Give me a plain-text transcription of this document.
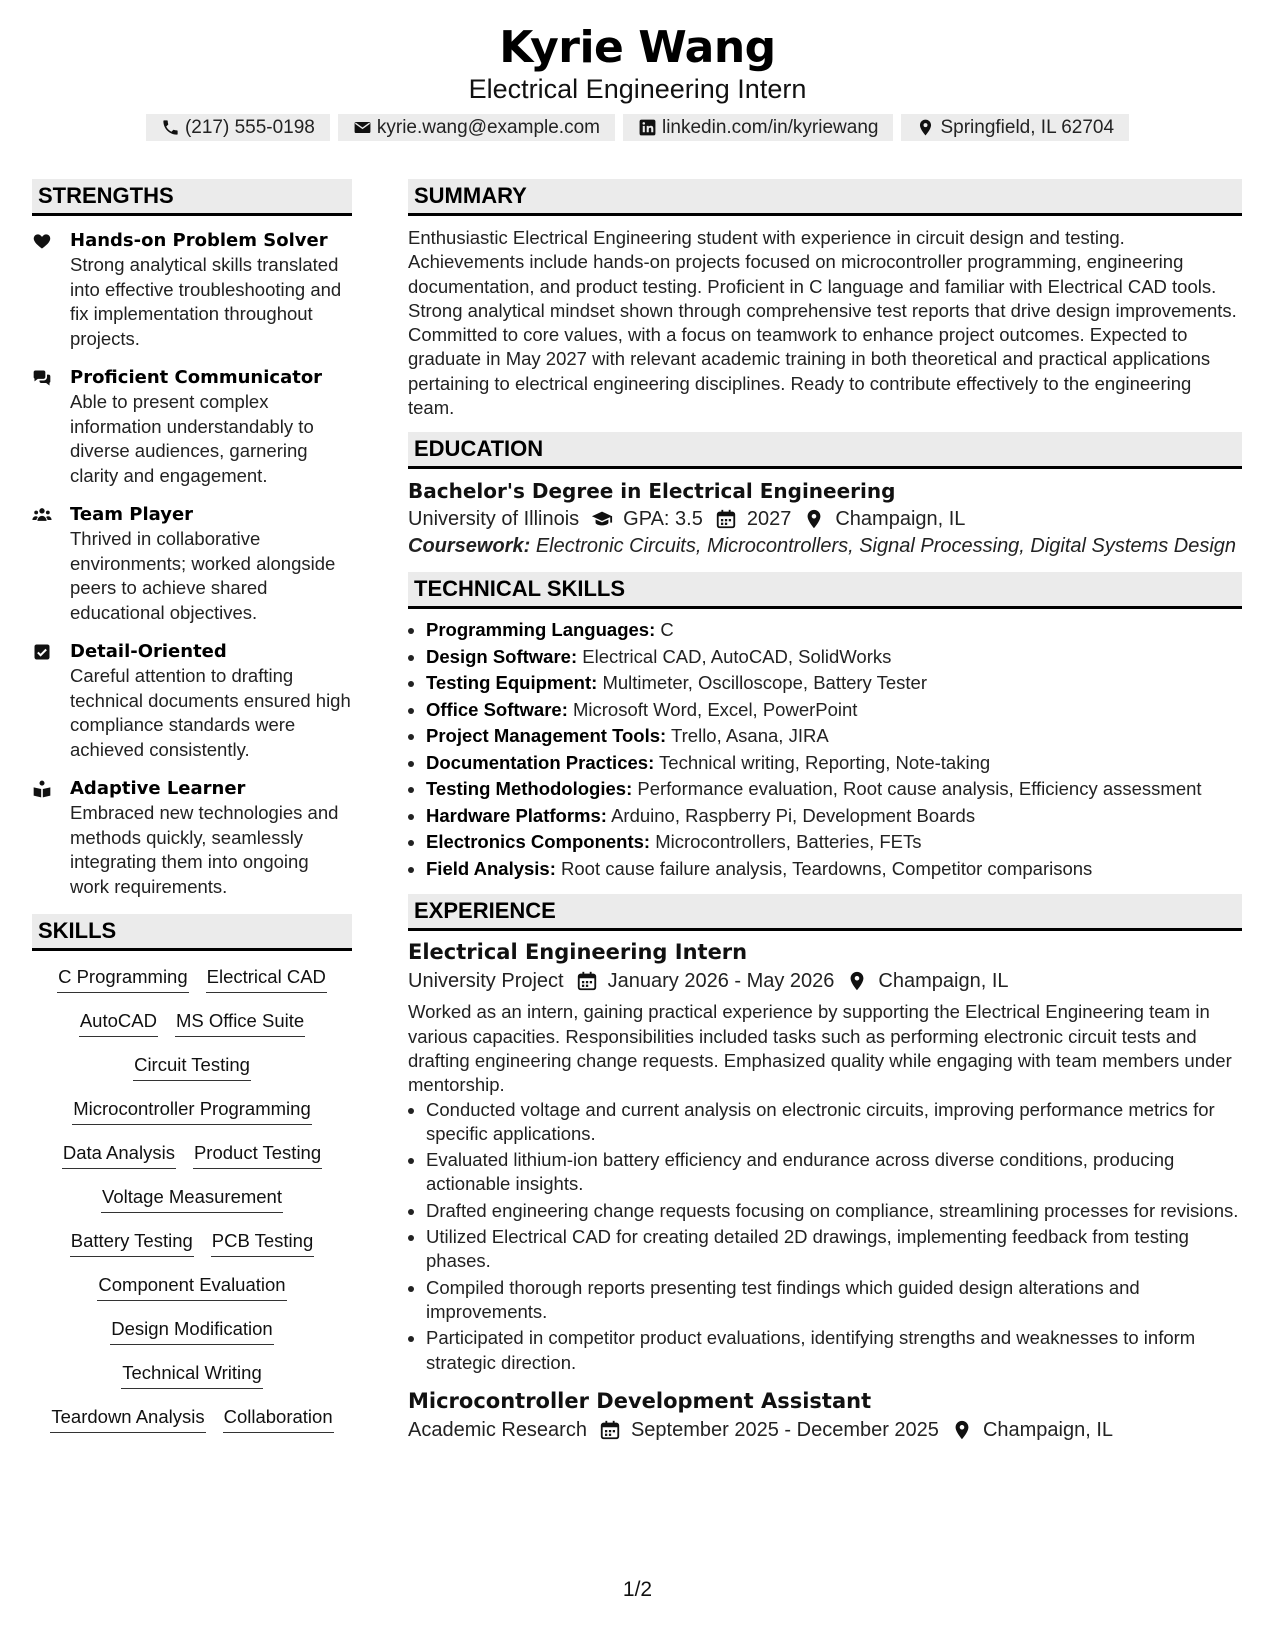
Kyrie Wang
Electrical Engineering Intern
(217) 555-0198	kyrie.wang@example.com	linkedin.com/in/kyriewang	Springfield, IL 62704
STRENGTHS
Hands-on Problem Solver
Strong analytical skills translated into effective troubleshooting and fix implementation throughout projects.
Proficient Communicator
Able to present complex information understandably to diverse audiences, garnering clarity and engagement.
Team Player
Thrived in collaborative environments; worked alongside peers to achieve shared educational objectives.
Detail-Oriented
Careful attention to drafting technical documents ensured high compliance standards were achieved consistently.
Adaptive Learner
Embraced new technologies and methods quickly, seamlessly integrating them into ongoing work requirements.
SKILLS
C Programming Electrical CAD
AutoCAD MS Office Suite
Circuit Testing
Microcontroller Programming
Data Analysis Product Testing
Voltage Measurement
Battery Testing PCB Testing
Component Evaluation
Design Modification
Technical Writing
Teardown Analysis Collaboration
SUMMARY
Enthusiastic Electrical Engineering student with experience in circuit design and testing. Achievements include hands-on projects focused on microcontroller programming, engineering documentation, and product testing. Proficient in C language and familiar with Electrical CAD tools. Strong analytical mindset shown through comprehensive test reports that drive design improvements. Committed to core values, with a focus on teamwork to enhance project outcomes. Expected to graduate in May 2027 with relevant academic training in both theoretical and practical applications pertaining to electrical engineering disciplines. Ready to contribute effectively to the engineering team.
EDUCATION
Bachelor's Degree in Electrical Engineering
University of Illinois GPA: 3.5 2027 Champaign, IL
Coursework: Electronic Circuits, Microcontrollers, Signal Processing, Digital Systems Design
TECHNICAL SKILLS
• Programming Languages: C
• Design Software: Electrical CAD, AutoCAD, SolidWorks
• Testing Equipment: Multimeter, Oscilloscope, Battery Tester
• Office Software: Microsoft Word, Excel, PowerPoint
• Project Management Tools: Trello, Asana, JIRA
• Documentation Practices: Technical writing, Reporting, Note-taking
• Testing Methodologies: Performance evaluation, Root cause analysis, Efficiency assessment
• Hardware Platforms: Arduino, Raspberry Pi, Development Boards
• Electronics Components: Microcontrollers, Batteries, FETs
• Field Analysis: Root cause failure analysis, Teardowns, Competitor comparisons
EXPERIENCE
Electrical Engineering Intern
University Project January 2026 - May 2026 Champaign, IL
Worked as an intern, gaining practical experience by supporting the Electrical Engineering team in various capacities. Responsibilities included tasks such as performing electronic circuit tests and drafting engineering change requests. Emphasized quality while engaging with team members under mentorship.
• Conducted voltage and current analysis on electronic circuits, improving performance metrics for specific applications.
• Evaluated lithium-ion battery efficiency and endurance across diverse conditions, producing actionable insights.
• Drafted engineering change requests focusing on compliance, streamlining processes for revisions.
• Utilized Electrical CAD for creating detailed 2D drawings, implementing feedback from testing phases.
• Compiled thorough reports presenting test findings which guided design alterations and improvements.
• Participated in competitor product evaluations, identifying strengths and weaknesses to inform strategic direction.
Microcontroller Development Assistant
Academic Research September 2025 - December 2025 Champaign, IL
1/2
